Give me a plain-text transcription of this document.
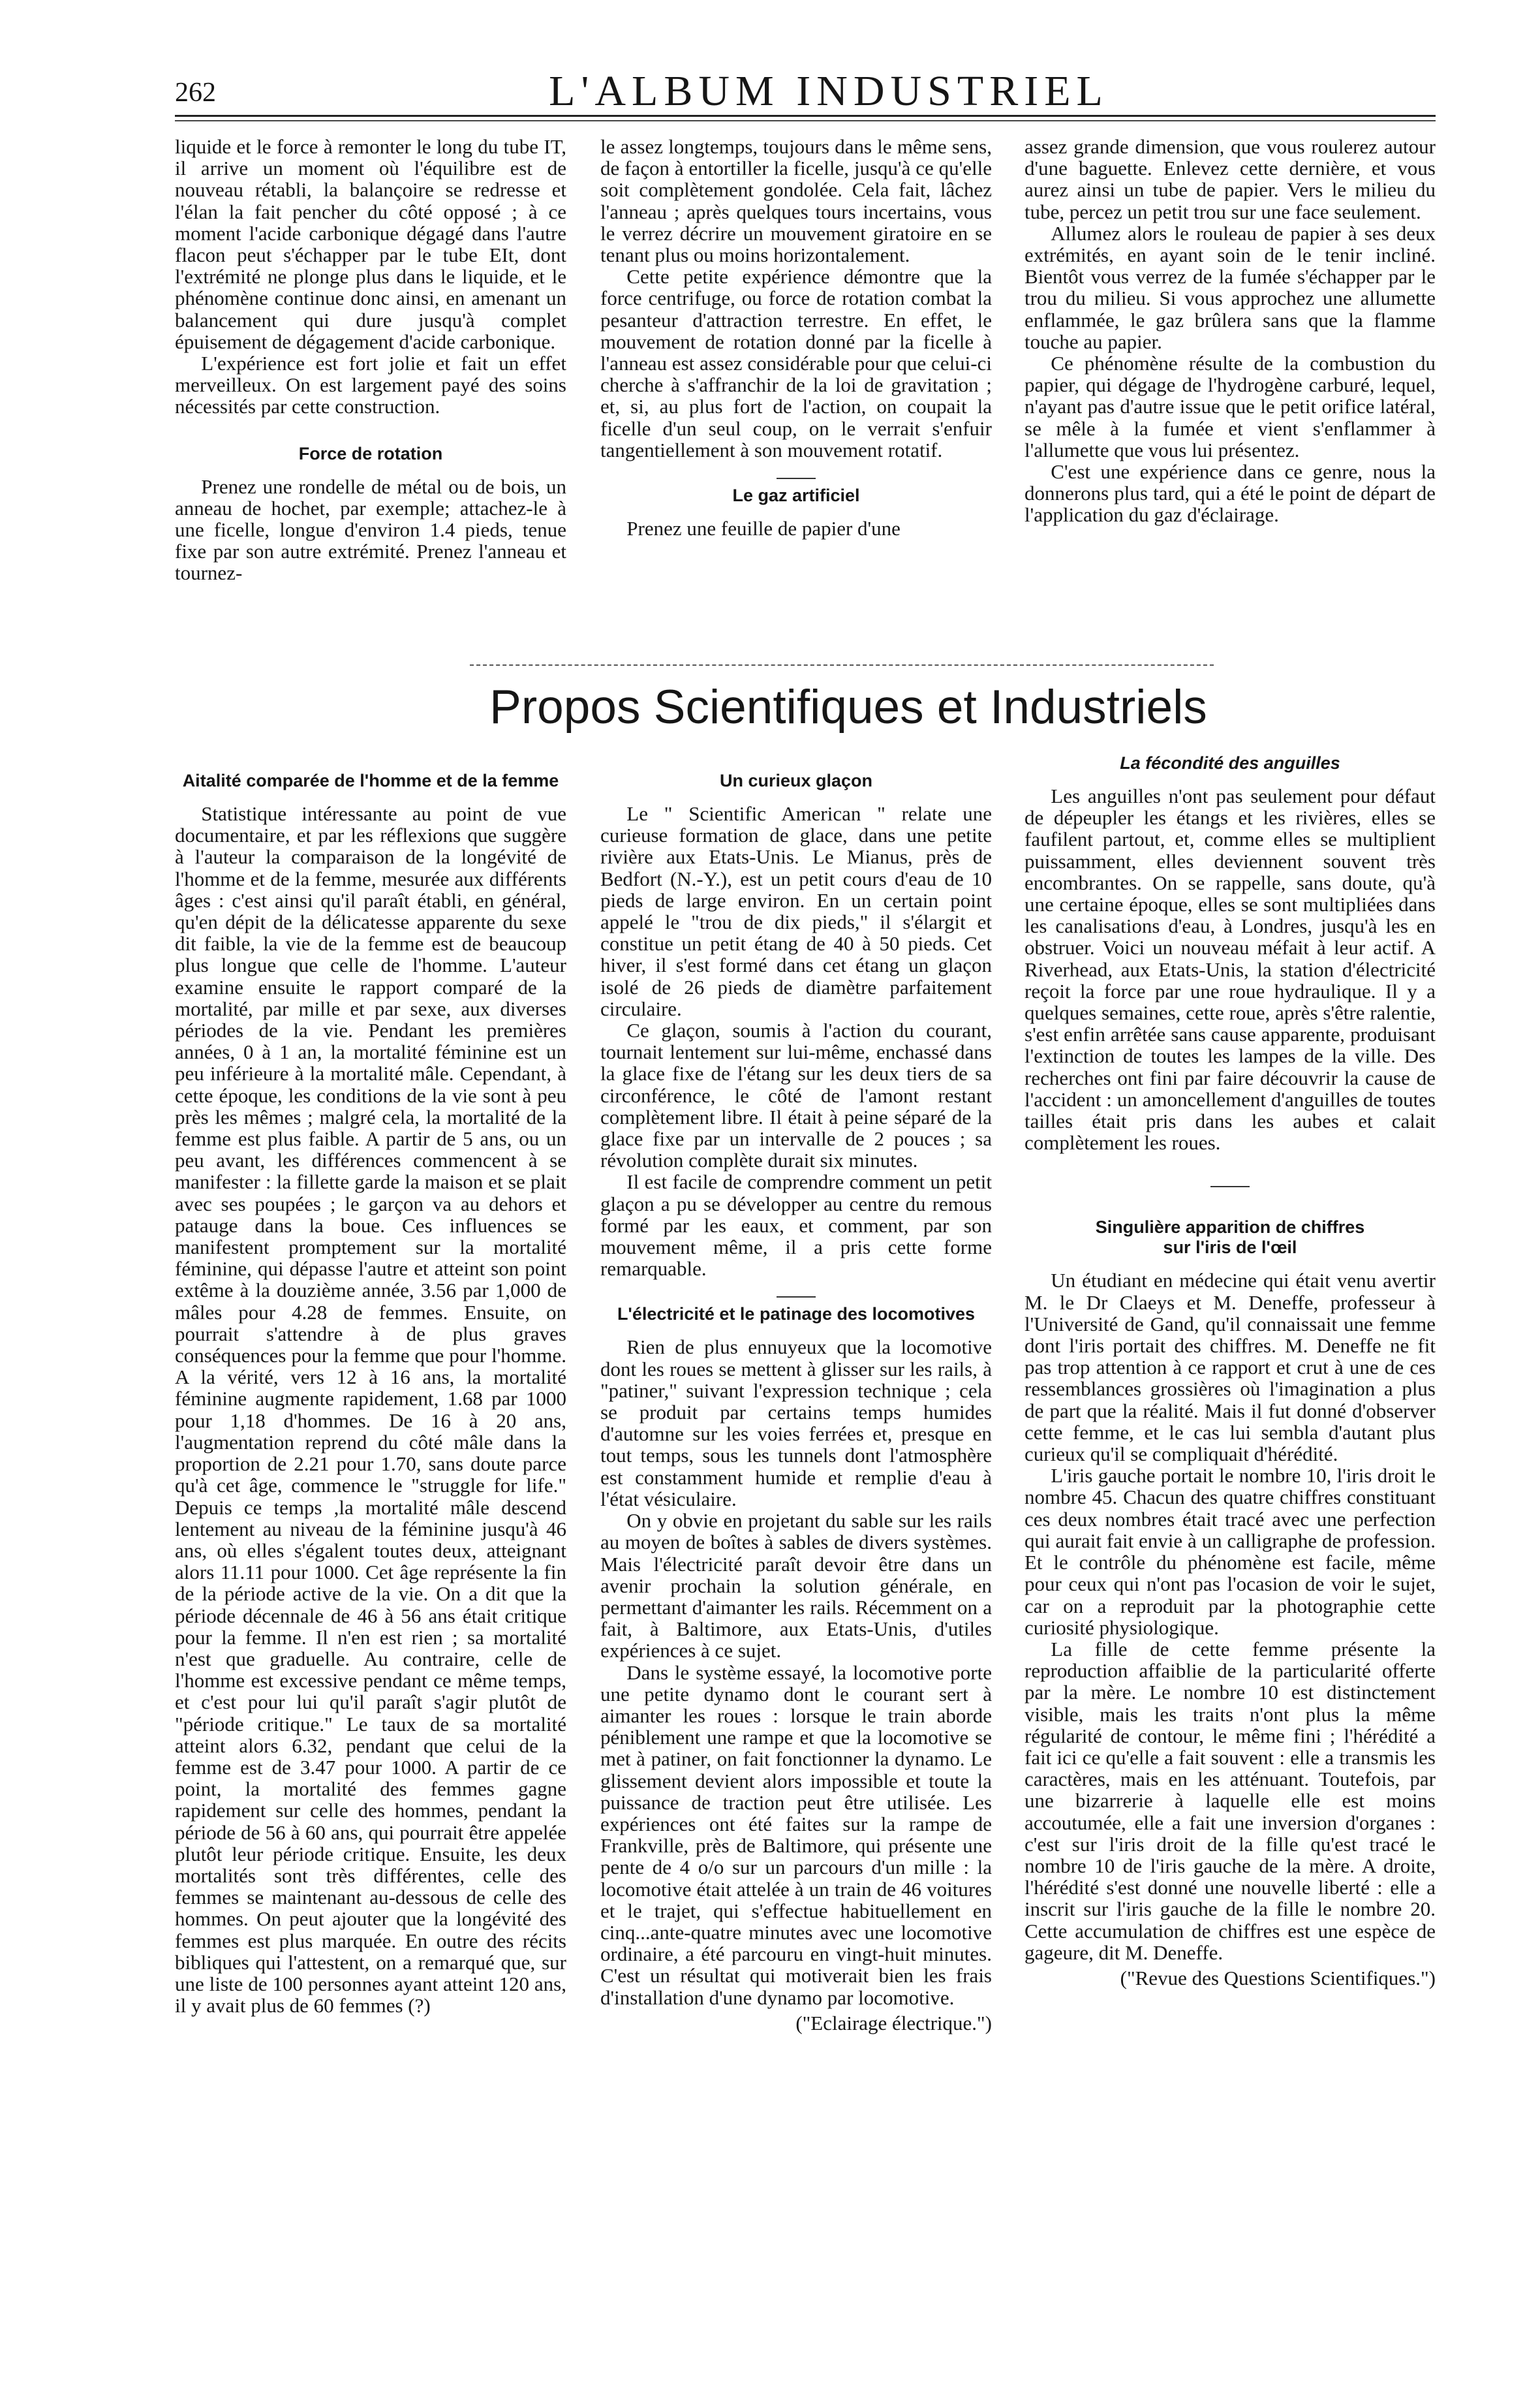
262	L'ALBUM INDUSTRIEL

liquide et le force à remonter le long du tube IT, il arrive un moment où l'équilibre est de nouveau rétabli, la balançoire se redresse et l'élan la fait pencher du côté opposé ; à ce moment l'acide carbonique dégagé dans l'autre flacon peut s'échapper par le tube EIt, dont l'extrémité ne plonge plus dans le liquide, et le phénomène continue donc ainsi, en amenant un balancement qui dure jusqu'à complet épuisement de dégagement d'acide carbonique.

L'expérience est fort jolie et fait un effet merveilleux. On est largement payé des soins nécessités par cette construction.

Force de rotation

Prenez une rondelle de métal ou de bois, un anneau de hochet, par exemple; attachez-le à une ficelle, longue d'environ 1.4 pieds, tenue fixe par son autre extrémité. Prenez l'anneau et tournez-

le assez longtemps, toujours dans le même sens, de façon à entortiller la ficelle, jusqu'à ce qu'elle soit complètement gondolée. Cela fait, lâchez l'anneau ; après quelques tours incertains, vous le verrez décrire un mouvement giratoire en se tenant plus ou moins horizontalement.

Cette petite expérience démontre que la force centrifuge, ou force de rotation combat la pesanteur d'attraction terrestre. En effet, le mouvement de rotation donné par la ficelle à l'anneau est assez considérable pour que celui-ci cherche à s'affranchir de la loi de gravitation ; et, si, au plus fort de l'action, on coupait la ficelle d'un seul coup, on le verrait s'enfuir tangentiellement à son mouvement rotatif.

Le gaz artificiel

Prenez une feuille de papier d'une

assez grande dimension, que vous roulerez autour d'une baguette. Enlevez cette dernière, et vous aurez ainsi un tube de papier. Vers le milieu du tube, percez un petit trou sur une face seulement.

Allumez alors le rouleau de papier à ses deux extrémités, en ayant soin de le tenir incliné. Bientôt vous verrez de la fumée s'échapper par le trou du milieu. Si vous approchez une allumette enflammée, le gaz brûlera sans que la flamme touche au papier.

Ce phénomène résulte de la combustion du papier, qui dégage de l'hydrogène carburé, lequel, n'ayant pas d'autre issue que le petit orifice latéral, se mêle à la fumée et vient s'enflammer à l'allumette que vous lui présentez.

C'est une expérience dans ce genre, nous la donnerons plus tard, qui a été le point de départ de l'application du gaz d'éclairage.

Propos Scientifiques et Industriels
Aitalité comparée de l'homme et de la femme

Statistique intéressante au point de vue documentaire, et par les réflexions que suggère à l'auteur la comparaison de la longévité de l'homme et de la femme, mesurée aux différents âges : c'est ainsi qu'il paraît établi, en général, qu'en dépit de la délicatesse apparente du sexe dit faible, la vie de la femme est de beaucoup plus longue que celle de l'homme. L'auteur examine ensuite le rapport comparé de la mortalité, par mille et par sexe, aux diverses périodes de la vie. Pendant les premières années, 0 à 1 an, la mortalité féminine est un peu inférieure à la mortalité mâle. Cependant, à cette époque, les conditions de la vie sont à peu près les mêmes ; malgré cela, la mortalité de la femme est plus faible. A partir de 5 ans, ou un peu avant, les différences commencent à se manifester : la fillette garde la maison et se plait avec ses poupées ; le garçon va au dehors et patauge dans la boue. Ces influences se manifestent promptement sur la mortalité féminine, qui dépasse l'autre et atteint son point extême à la douzième année, 3.56 par 1,000 de mâles pour 4.28 de femmes. Ensuite, on pourrait s'attendre à de plus graves conséquences pour la femme que pour l'homme. A la vérité, vers 12 à 16 ans, la mortalité féminine augmente rapidement, 1.68 par 1000 pour 1,18 d'hommes. De 16 à 20 ans, l'augmentation reprend du côté mâle dans la proportion de 2.21 pour 1.70, sans doute parce qu'à cet âge, commence le "struggle for life." Depuis ce temps ,la mortalité mâle descend lentement au niveau de la féminine jusqu'à 46 ans, où elles s'égalent toutes deux, atteignant alors 11.11 pour 1000. Cet âge représente la fin de la période active de la vie. On a dit que la période décennale de 46 à 56 ans était critique pour la femme. Il n'en est rien ; sa mortalité n'est que graduelle. Au contraire, celle de l'homme est excessive pendant ce même temps, et c'est pour lui qu'il paraît s'agir plutôt de "période critique." Le taux de sa mortalité atteint alors 6.32, pendant que celui de la femme est de 3.47 pour 1000. A partir de ce point, la mortalité des femmes gagne rapidement sur celle des hommes, pendant la période de 56 à 60 ans, qui pourrait être appelée plutôt leur période critique. Ensuite, les deux mortalités sont très différentes, celle des femmes se maintenant au-dessous de celle des hommes. On peut ajouter que la longévité des femmes est plus marquée. En outre des récits bibliques qui l'attestent, on a remarqué que, sur une liste de 100 personnes ayant atteint 120 ans, il y avait plus de 60 femmes (?)

Un curieux glaçon

Le " Scientific American " relate une curieuse formation de glace, dans une petite rivière aux Etats-Unis. Le Mianus, près de Bedfort (N.-Y.), est un petit cours d'eau de 10 pieds de large environ. En un certain point appelé le "trou de dix pieds," il s'élargit et constitue un petit étang de 40 à 50 pieds. Cet hiver, il s'est formé dans cet étang un glaçon isolé de 26 pieds de diamètre parfaitement circulaire.

Ce glaçon, soumis à l'action du courant, tournait lentement sur lui-même, enchassé dans la glace fixe de l'étang sur les deux tiers de sa circonférence, le côté de l'amont restant complètement libre. Il était à peine séparé de la glace fixe par un intervalle de 2 pouces ; sa révolution complète durait six minutes.

Il est facile de comprendre comment un petit glaçon a pu se développer au centre du remous formé par les eaux, et comment, par son mouvement même, il a pris cette forme remarquable.

L'électricité et le patinage des locomotives

Rien de plus ennuyeux que la locomotive dont les roues se mettent à glisser sur les rails, à "patiner," suivant l'expression technique ; cela se produit par certains temps humides d'automne sur les voies ferrées et, presque en tout temps, sous les tunnels dont l'atmosphère est constamment humide et remplie d'eau à l'état vésiculaire.

On y obvie en projetant du sable sur les rails au moyen de boîtes à sables de divers systèmes. Mais l'électricité paraît devoir être dans un avenir prochain la solution générale, en permettant d'aimanter les rails. Récemment on a fait, à Baltimore, aux Etats-Unis, d'utiles expériences à ce sujet.

Dans le système essayé, la locomotive porte une petite dynamo dont le courant sert à aimanter les roues : lorsque le train aborde péniblement une rampe et que la locomotive se met à patiner, on fait fonctionner la dynamo. Le glissement devient alors impossible et toute la puissance de traction peut être utilisée. Les expériences ont été faites sur la rampe de Frankville, près de Baltimore, qui présente une pente de 4 o/o sur un parcours d'un mille : la locomotive était attelée à un train de 46 voitures et le trajet, qui s'effectue habituellement en cinq...ante-quatre minutes avec une locomotive ordinaire, a été parcouru en vingt-huit minutes. C'est un résultat qui motiverait bien les frais d'installation d'une dynamo par locomotive.

("Eclairage électrique.")
La fécondité des anguilles

Les anguilles n'ont pas seulement pour défaut de dépeupler les étangs et les rivières, elles se faufilent partout, et, comme elles se multiplient puissamment, elles deviennent souvent très encombrantes. On se rappelle, sans doute, qu'à une certaine époque, elles se sont multipliées dans les canalisations d'eau, à Londres, jusqu'à les en obstruer. Voici un nouveau méfait à leur actif. A Riverhead, aux Etats-Unis, la station d'électricité reçoit la force par une roue hydraulique. Il y a quelques semaines, cette roue, après s'être ralentie, s'est enfin arrêtée sans cause apparente, produisant l'extinction de toutes les lampes de la ville. Des recherches ont fini par faire découvrir la cause de l'accident : un amoncellement d'anguilles de toutes tailles était pris dans les aubes et calait complètement les roues.

Singulière apparition de chiffres
sur l'iris de l'œil

Un étudiant en médecine qui était venu avertir M. le Dr Claeys et M. Deneffe, professeur à l'Université de Gand, qu'il connaissait une femme dont l'iris portait des chiffres. M. Deneffe ne fit pas trop attention à ce rapport et crut à une de ces ressemblances grossières où l'imagination a plus de part que la réalité. Mais il fut donné d'observer cette femme, et le cas lui sembla d'autant plus curieux qu'il se compliquait d'hérédité.

L'iris gauche portait le nombre 10, l'iris droit le nombre 45. Chacun des quatre chiffres constituant ces deux nombres était tracé avec une perfection qui aurait fait envie à un calligraphe de profession. Et le contrôle du phénomène est facile, même pour ceux qui n'ont pas l'ocasion de voir le sujet, car on a reproduit par la photographie cette curiosité physiologique.

La fille de cette femme présente la reproduction affaiblie de la particularité offerte par la mère. Le nombre 10 est distinctement visible, mais les traits n'ont plus la même régularité de contour, le même fini ; l'hérédité a fait ici ce qu'elle a fait souvent : elle a transmis les caractères, mais en les atténuant. Toutefois, par une bizarrerie à laquelle elle est moins accoutumée, elle a fait une inversion d'organes : c'est sur l'iris droit de la fille qu'est tracé le nombre 10 de l'iris gauche de la mère. A droite, l'hérédité s'est donné une nouvelle liberté : elle a inscrit sur l'iris gauche de la fille le nombre 20. Cette accumulation de chiffres est une espèce de gageure, dit M. Deneffe.

("Revue des Questions Scientifiques.")
